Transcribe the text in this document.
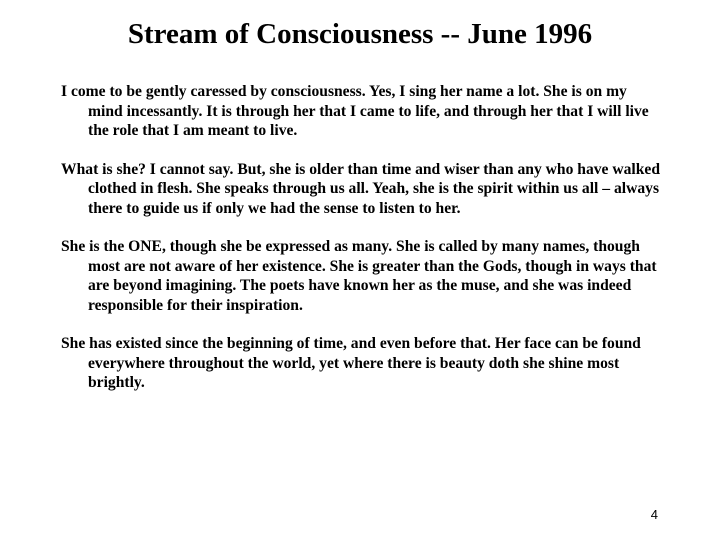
Stream of Consciousness -- June 1996

I come to be gently caressed by consciousness. Yes, I sing her name a lot. She is on my mind incessantly. It is through her that I came to life, and through her that I will live the role that I am meant to live.

What is she? I cannot say. But, she is older than time and wiser than any who have walked clothed in flesh. She speaks through us all. Yeah, she is the spirit within us all – always there to guide us if only we had the sense to listen to her.

She is the ONE, though she be expressed as many. She is called by many names, though most are not aware of her existence. She is greater than the Gods, though in ways that are beyond imagining. The poets have known her as the muse, and she was indeed responsible for their inspiration.

She has existed since the beginning of time, and even before that. Her face can be found everywhere throughout the world, yet where there is beauty doth she shine most brightly.

4
